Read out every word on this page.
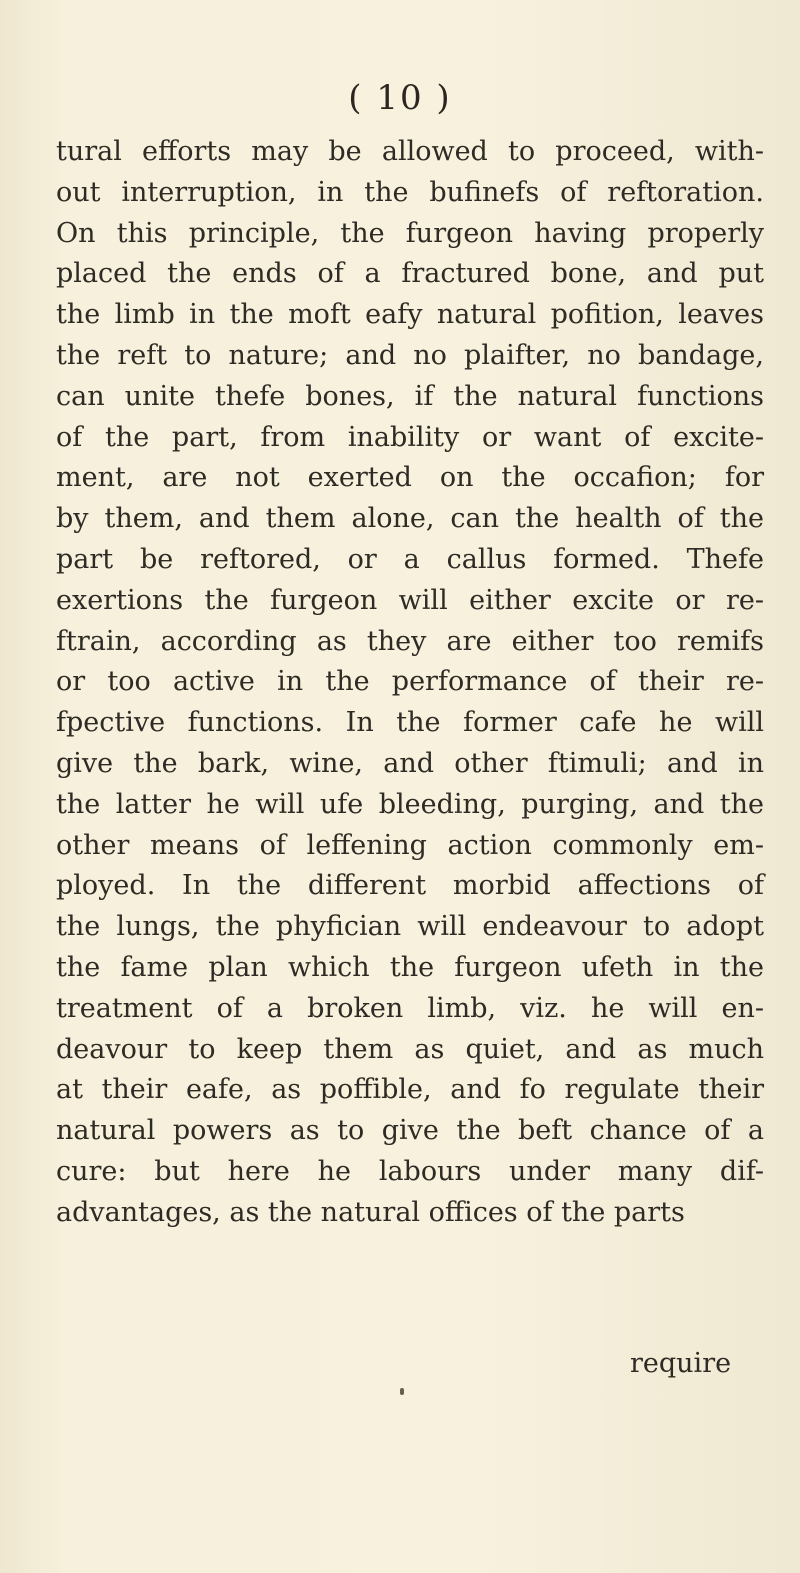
( 10 )
tural efforts may be allowed to proceed, with-
out interruption, in the bufinefs of reftoration.
On this principle, the furgeon having properly
placed the ends of a fractured bone, and put
the limb in the moft eafy natural pofition, leaves
the reft to nature; and no plaifter, no bandage,
can unite thefe bones, if the natural functions
of the part, from inability or want of excite-
ment, are not exerted on the occafion; for
by them, and them alone, can the health of the
part be reftored, or a callus formed. Thefe
exertions the furgeon will either excite or re-
ftrain, according as they are either too remifs
or too active in the performance of their re-
fpective functions. In the former cafe he will
give the bark, wine, and other ftimuli; and in
the latter he will ufe bleeding, purging, and the
other means of leffening action commonly em-
ployed. In the different morbid affections of
the lungs, the phyfician will endeavour to adopt
the fame plan which the furgeon ufeth in the
treatment of a broken limb, viz. he will en-
deavour to keep them as quiet, and as much
at their eafe, as poffible, and fo regulate their
natural powers as to give the beft chance of a
cure: but here he labours under many dif-
advantages, as the natural offices of the parts
require
